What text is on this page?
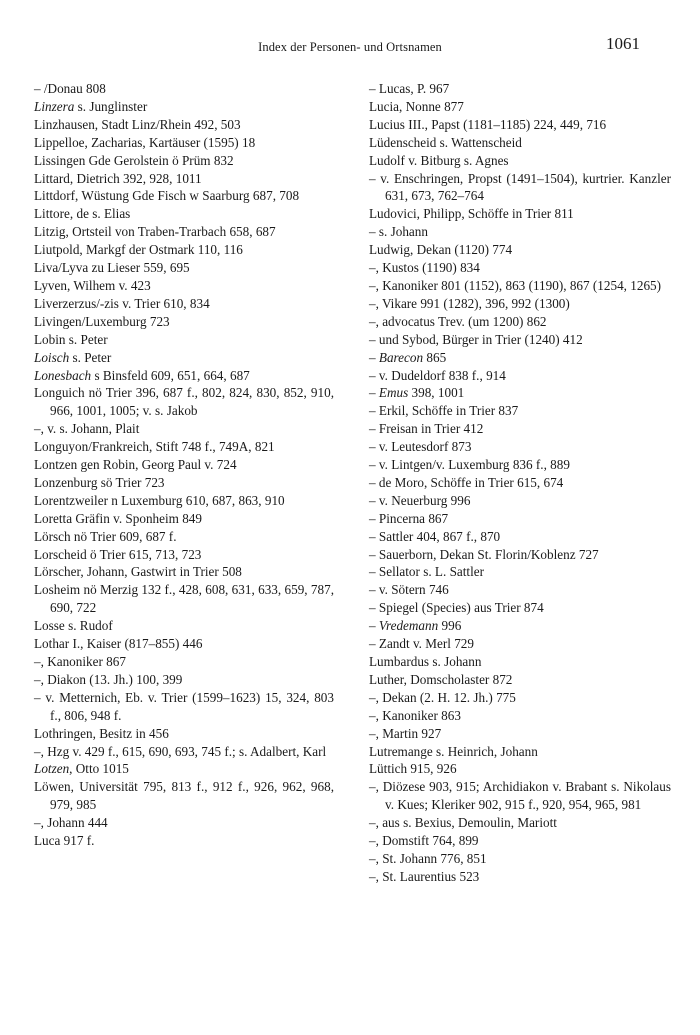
Index der Personen- und Ortsnamen	1061
– /Donau 808
Linzera s. Junglinster
Linzhausen, Stadt Linz/Rhein 492, 503
Lippelloe, Zacharias, Kartäuser (1595) 18
Lissingen Gde Gerolstein ö Prüm 832
Littard, Dietrich 392, 928, 1011
Littdorf, Wüstung Gde Fisch w Saarburg 687, 708
Littore, de s. Elias
Litzig, Ortsteil von Traben-Trarbach 658, 687
Liutpold, Markgf der Ostmark 110, 116
Liva/Lyva zu Lieser 559, 695
Lyven, Wilhem v. 423
Liverzerzus/-zis v. Trier 610, 834
Livingen/Luxemburg 723
Lobin s. Peter
Loisch s. Peter
Lonesbach s Binsfeld 609, 651, 664, 687
Longuich nö Trier 396, 687 f., 802, 824, 830, 852, 910, 966, 1001, 1005; v. s. Jakob
–, v. s. Johann, Plait
Longuyon/Frankreich, Stift 748 f., 749A, 821
Lontzen gen Robin, Georg Paul v. 724
Lonzenburg sö Trier 723
Lorentzweiler n Luxemburg 610, 687, 863, 910
Loretta Gräfin v. Sponheim 849
Lörsch nö Trier 609, 687 f.
Lorscheid ö Trier 615, 713, 723
Lörscher, Johann, Gastwirt in Trier 508
Losheim nö Merzig 132 f., 428, 608, 631, 633, 659, 787, 690, 722
Losse s. Rudof
Lothar I., Kaiser (817–855) 446
–, Kanoniker 867
–, Diakon (13. Jh.) 100, 399
– v. Metternich, Eb. v. Trier (1599–1623) 15, 324, 803 f., 806, 948 f.
Lothringen, Besitz in 456
–, Hzg v. 429 f., 615, 690, 693, 745 f.; s. Adalbert, Karl
Lotzen, Otto 1015
Löwen, Universität 795, 813 f., 912 f., 926, 962, 968, 979, 985
–, Johann 444
Luca 917 f.
– Lucas, P. 967
Lucia, Nonne 877
Lucius III., Papst (1181–1185) 224, 449, 716
Lüdenscheid s. Wattenscheid
Ludolf v. Bitburg s. Agnes
– v. Enschringen, Propst (1491–1504), kurtrier. Kanzler 631, 673, 762–764
Ludovici, Philipp, Schöffe in Trier 811
– s. Johann
Ludwig, Dekan (1120) 774
–, Kustos (1190) 834
–, Kanoniker 801 (1152), 863 (1190), 867 (1254, 1265)
–, Vikare 991 (1282), 396, 992 (1300)
–, advocatus Trev. (um 1200) 862
– und Sybod, Bürger in Trier (1240) 412
– Barecon 865
– v. Dudeldorf 838 f., 914
– Emus 398, 1001
– Erkil, Schöffe in Trier 837
– Freisan in Trier 412
– v. Leutesdorf 873
– v. Lintgen/v. Luxemburg 836 f., 889
– de Moro, Schöffe in Trier 615, 674
– v. Neuerburg 996
– Pincerna 867
– Sattler 404, 867 f., 870
– Sauerborn, Dekan St. Florin/Koblenz 727
– Sellator s. L. Sattler
– v. Sötern 746
– Spiegel (Species) aus Trier 874
– Vredemann 996
– Zandt v. Merl 729
Lumbardus s. Johann
Luther, Domscholaster 872
–, Dekan (2. H. 12. Jh.) 775
–, Kanoniker 863
–, Martin 927
Lutremange s. Heinrich, Johann
Lüttich 915, 926
–, Diözese 903, 915; Archidiakon v. Brabant s. Nikolaus v. Kues; Kleriker 902, 915 f., 920, 954, 965, 981
–, aus s. Bexius, Demoulin, Mariott
–, Domstift 764, 899
–, St. Johann 776, 851
–, St. Laurentius 523
